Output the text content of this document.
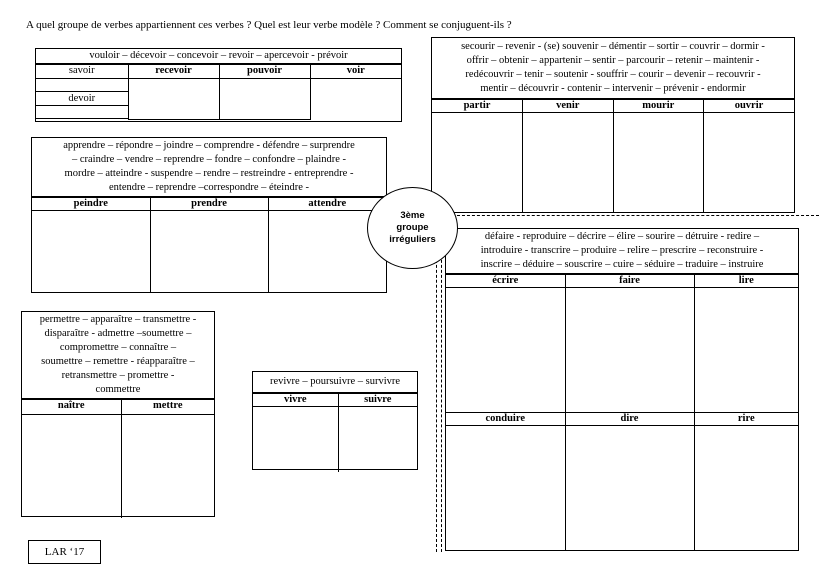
A quel groupe de verbes appartiennent ces verbes ? Quel est leur verbe modèle ? Comment se conjuguent-ils ?

vouloir – décevoir – concevoir – revoir – apercevoir - prévoir

savoir	recevoir	pouvoir	voir

devoir			

secourir – revenir - (se) souvenir – démentir – sortir – couvrir – dormir -

offrir – obtenir – appartenir – sentir – parcourir – retenir – maintenir -

redécouvrir – tenir – soutenir - souffrir – courir – devenir – recouvrir -

mentir – découvrir - contenir – intervenir – prévenir - endormir

partir	venir	mourir	ouvrir

apprendre – répondre – joindre – comprendre - défendre – surprendre

– craindre – vendre – reprendre – fondre – confondre – plaindre -

mordre – atteindre - suspendre – rendre – restreindre - entreprendre -

entendre – reprendre –correspondre – éteindre -

peindre	prendre	attendre

3ème
groupe
irréguliers	défaire - reproduire – décrire – élire – sourire – détruire - redire –

introduire - transcrire – produire – relire – prescrire – reconstruire -

inscrire – déduire – souscrire – cuire – séduire – traduire – instruire

écrire	faire	lire

conduire	dire	rire

permettre – apparaître – transmettre -

disparaître - admettre –soumettre –

compromettre – connaître –

soumettre – remettre - réapparaître –

retransmettre – promettre -

commettre

naître	mettre

revivre – poursuivre – survivre

vivre	suivre

LAR ‘17
